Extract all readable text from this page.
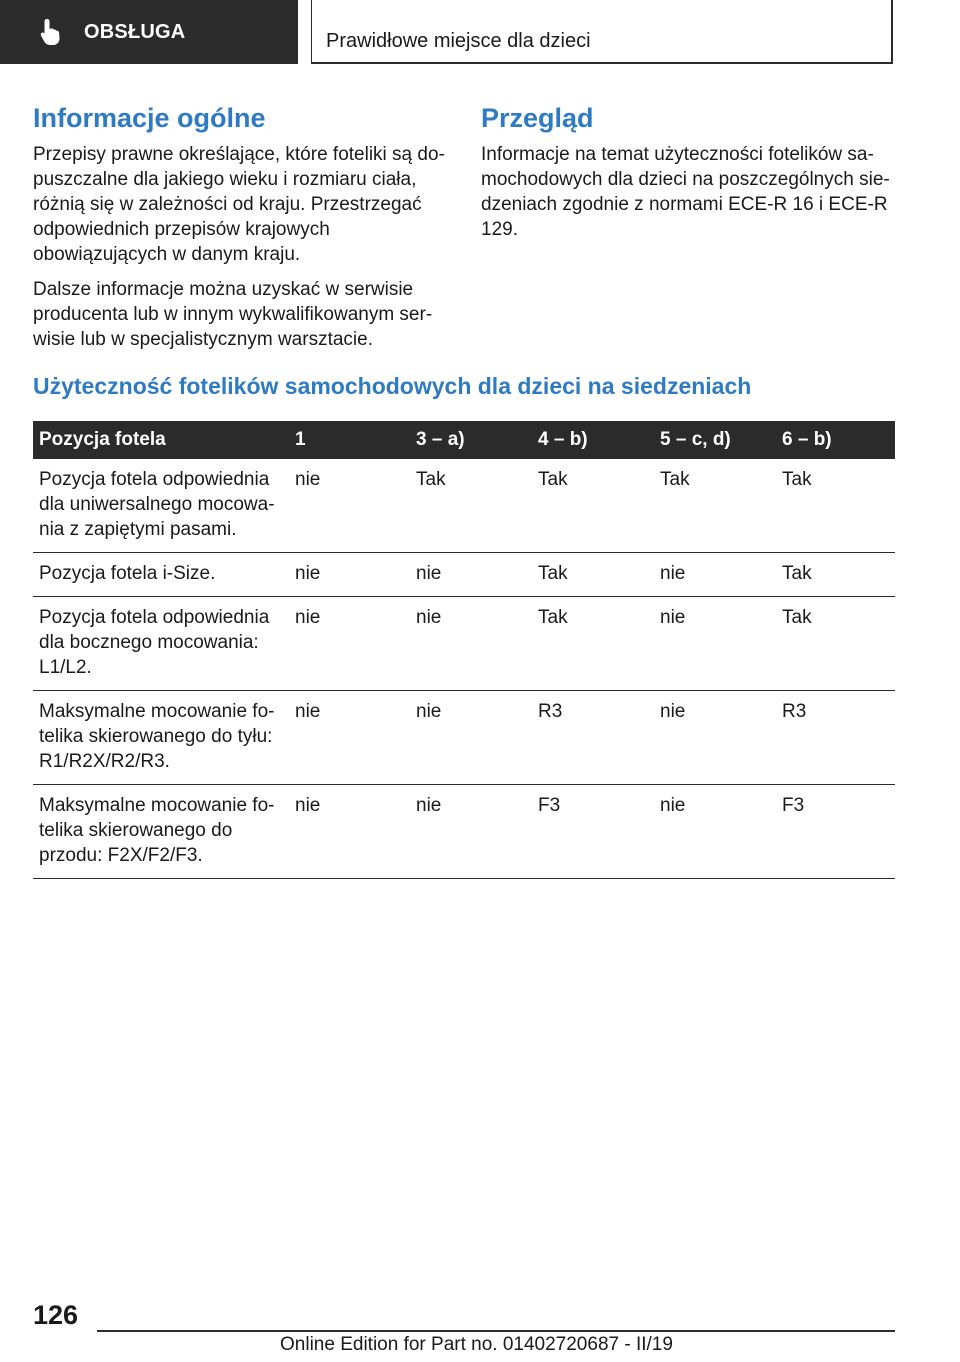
OBSŁUGA	Prawidłowe miejsce dla dzieci
Informacje ogólne

Przepisy prawne określające, które foteliki są dopuszczalne dla jakiego wieku i rozmiaru ciała, różnią się w zależności od kraju. Przestrzegać odpowiednich przepisów krajowych obowiązujących w danym kraju.

Dalsze informacje można uzyskać w serwisie producenta lub w innym wykwalifikowanym serwisie lub w specjalistycznym warsztacie.

Przegląd

Informacje na temat użyteczności fotelików samochodowych dla dzieci na poszczególnych siedzeniach zgodnie z normami ECE-R 16 i ECE-R 129.

Użyteczność fotelików samochodowych dla dzieci na siedzeniach
Pozycja fotela	1	3 – a)	4 – b)	5 – c, d)	6 – b)
Pozycja fotela odpowiednia dla uniwersalnego mocowania z zapiętymi pasami.	nie	Tak	Tak	Tak	Tak
Pozycja fotela i-Size.	nie	nie	Tak	nie	Tak
Pozycja fotela odpowiednia dla bocznego mocowania: L1/L2.	nie	nie	Tak	nie	Tak
Maksymalne mocowanie fotelika skierowanego do tyłu: R1/R2X/R2/R3.	nie	nie	R3	nie	R3
Maksymalne mocowanie fotelika skierowanego do przodu: F2X/F2/F3.	nie	nie	F3	nie	F3
126
Online Edition for Part no. 01402720687 - II/19
